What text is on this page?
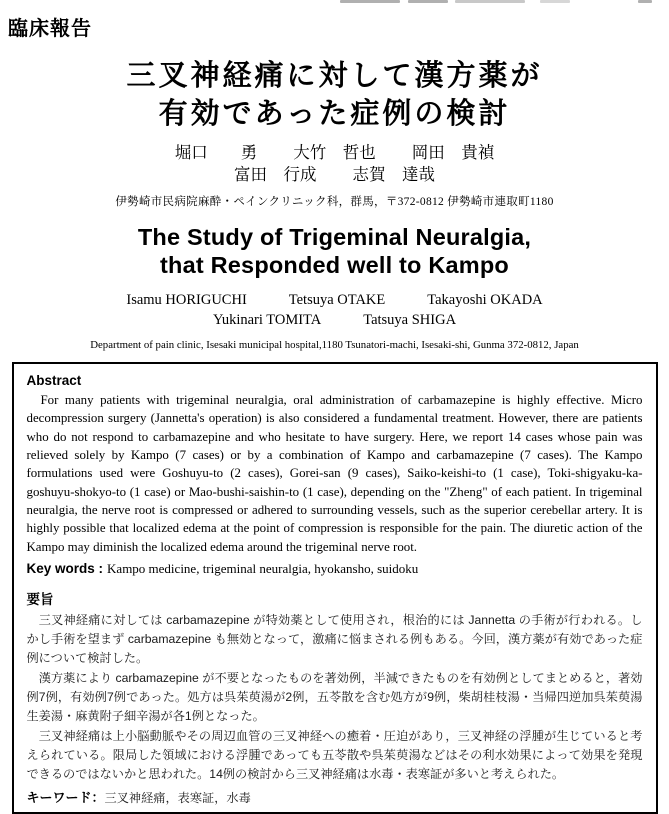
臨床報告
三叉神経痛に対して漢方薬が
有効であった症例の検討
堀口　　勇 大竹　哲也 岡田　貴禎
富田　行成 志賀　達哉
伊勢崎市民病院麻酔・ペインクリニック科，群馬，〒372-0812 伊勢崎市連取町1180
The Study of Trigeminal Neuralgia,
that Responded well to Kampo
Isamu HORIGUCHI	Tetsuya OTAKE	Takayoshi OKADA
Yukinari TOMITA	Tatsuya SHIGA
Department of pain clinic, Isesaki municipal hospital,1180 Tsunatori-machi, Isesaki-shi, Gunma 372-0812, Japan
Abstract

For many patients with trigeminal neuralgia, oral administration of carbamazepine is highly effective. Micro decompression surgery (Jannetta's operation) is also considered a fundamental treatment. However, there are patients who do not respond to carbamazepine and who hesitate to have surgery. Here, we report 14 cases whose pain was relieved solely by Kampo (7 cases) or by a combination of Kampo and carbamazepine (7 cases). The Kampo formulations used were Goshuyu-to (2 cases), Gorei-san (9 cases), Saiko-keishi-to (1 case), Toki-shigyaku-ka-goshuyu-shokyo-to (1 case) or Mao-bushi-saishin-to (1 case), depending on the "Zheng" of each patient. In trigeminal neuralgia, the nerve root is compressed or adhered to surrounding vessels, such as the superior cerebellar artery. It is highly possible that localized edema at the point of compression is responsible for the pain. The diuretic action of the Kampo may diminish the localized edema around the trigeminal nerve root.

Key words : Kampo medicine, trigeminal neuralgia, hyokansho, suidoku

要旨

三叉神経痛に対しては carbamazepine が特効薬として使用され，根治的には Jannetta の手術が行われる。しかし手術を望まず carbamazepine も無効となって，激痛に悩まされる例もある。今回，漢方薬が有効であった症例について検討した。

漢方薬により carbamazepine が不要となったものを著効例，半減できたものを有効例としてまとめると，著効例7例，有効例7例であった。処方は呉茱萸湯が2例，五苓散を含む処方が9例，柴胡桂枝湯・当帰四逆加呉茱萸湯生姜湯・麻黄附子細辛湯が各1例となった。

三叉神経痛は上小脳動脈やその周辺血管の三叉神経への癒着・圧迫があり，三叉神経の浮腫が生じていると考えられている。限局した領域における浮腫であっても五苓散や呉茱萸湯などはその利水効果によって効果を発現できるのではないかと思われた。14例の検討から三叉神経痛は水毒・表寒証が多いと考えられた。

キーワード：三叉神経痛，表寒証，水毒
